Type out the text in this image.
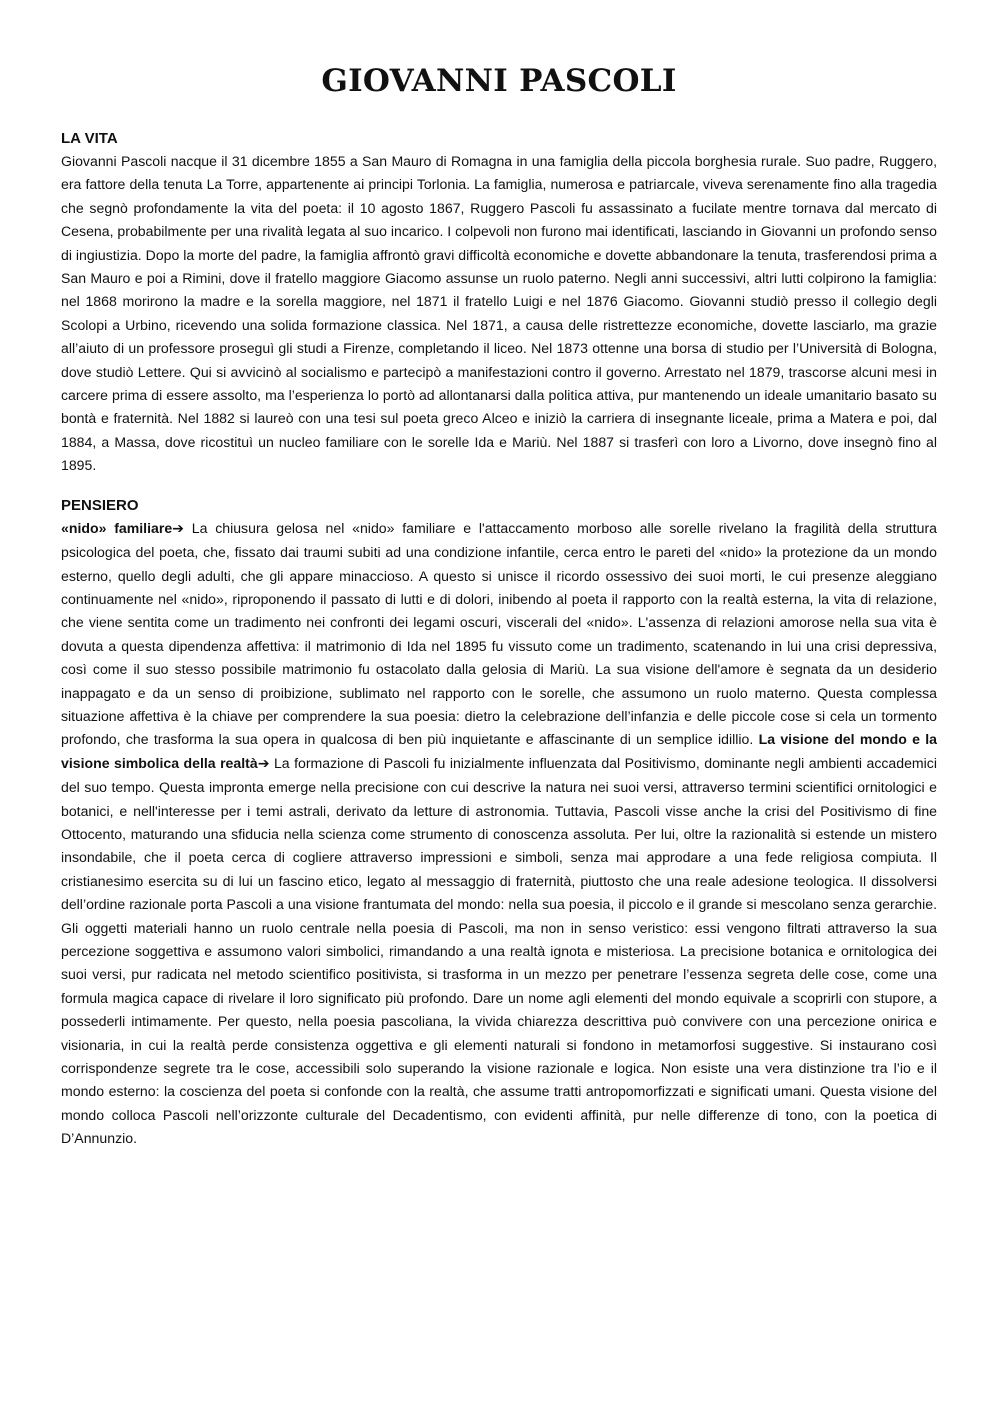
GIOVANNI PASCOLI
LA VITA

Giovanni Pascoli nacque il 31 dicembre 1855 a San Mauro di Romagna in una famiglia della piccola borghesia rurale. Suo padre, Ruggero, era fattore della tenuta La Torre, appartenente ai principi Torlonia. La famiglia, numerosa e patriarcale, viveva serenamente fino alla tragedia che segnò profondamente la vita del poeta: il 10 agosto 1867, Ruggero Pascoli fu assassinato a fucilate mentre tornava dal mercato di Cesena, probabilmente per una rivalità legata al suo incarico. I colpevoli non furono mai identificati, lasciando in Giovanni un profondo senso di ingiustizia. Dopo la morte del padre, la famiglia affrontò gravi difficoltà economiche e dovette abbandonare la tenuta, trasferendosi prima a San Mauro e poi a Rimini, dove il fratello maggiore Giacomo assunse un ruolo paterno. Negli anni successivi, altri lutti colpirono la famiglia: nel 1868 morirono la madre e la sorella maggiore, nel 1871 il fratello Luigi e nel 1876 Giacomo. Giovanni studiò presso il collegio degli Scolopi a Urbino, ricevendo una solida formazione classica. Nel 1871, a causa delle ristrettezze economiche, dovette lasciarlo, ma grazie all’aiuto di un professore proseguì gli studi a Firenze, completando il liceo. Nel 1873 ottenne una borsa di studio per l’Università di Bologna, dove studiò Lettere. Qui si avvicinò al socialismo e partecipò a manifestazioni contro il governo. Arrestato nel 1879, trascorse alcuni mesi in carcere prima di essere assolto, ma l’esperienza lo portò ad allontanarsi dalla politica attiva, pur mantenendo un ideale umanitario basato su bontà e fraternità. Nel 1882 si laureò con una tesi sul poeta greco Alceo e iniziò la carriera di insegnante liceale, prima a Matera e poi, dal 1884, a Massa, dove ricostituì un nucleo familiare con le sorelle Ida e Mariù. Nel 1887 si trasferì con loro a Livorno, dove insegnò fino al 1895.

PENSIERO

«nido» familiare➔ La chiusura gelosa nel «nido» familiare e l'attaccamento morboso alle sorelle rivelano la fragilità della struttura psicologica del poeta, che, fissato dai traumi subiti ad una condizione infantile, cerca entro le pareti del «nido» la protezione da un mondo esterno, quello degli adulti, che gli appare minaccioso. A questo si unisce il ricordo ossessivo dei suoi morti, le cui presenze aleggiano continuamente nel «nido», riproponendo il passato di lutti e di dolori, inibendo al poeta il rapporto con la realtà esterna, la vita di relazione, che viene sentita come un tradimento nei confronti dei legami oscuri, viscerali del «nido». L'assenza di relazioni amorose nella sua vita è dovuta a questa dipendenza affettiva: il matrimonio di Ida nel 1895 fu vissuto come un tradimento, scatenando in lui una crisi depressiva, così come il suo stesso possibile matrimonio fu ostacolato dalla gelosia di Mariù. La sua visione dell'amore è segnata da un desiderio inappagato e da un senso di proibizione, sublimato nel rapporto con le sorelle, che assumono un ruolo materno. Questa complessa situazione affettiva è la chiave per comprendere la sua poesia: dietro la celebrazione dell’infanzia e delle piccole cose si cela un tormento profondo, che trasforma la sua opera in qualcosa di ben più inquietante e affascinante di un semplice idillio. La visione del mondo e la visione simbolica della realtà➔ La formazione di Pascoli fu inizialmente influenzata dal Positivismo, dominante negli ambienti accademici del suo tempo. Questa impronta emerge nella precisione con cui descrive la natura nei suoi versi, attraverso termini scientifici ornitologici e botanici, e nell'interesse per i temi astrali, derivato da letture di astronomia. Tuttavia, Pascoli visse anche la crisi del Positivismo di fine Ottocento, maturando una sfiducia nella scienza come strumento di conoscenza assoluta. Per lui, oltre la razionalità si estende un mistero insondabile, che il poeta cerca di cogliere attraverso impressioni e simboli, senza mai approdare a una fede religiosa compiuta. Il cristianesimo esercita su di lui un fascino etico, legato al messaggio di fraternità, piuttosto che una reale adesione teologica. Il dissolversi dell’ordine razionale porta Pascoli a una visione frantumata del mondo: nella sua poesia, il piccolo e il grande si mescolano senza gerarchie. Gli oggetti materiali hanno un ruolo centrale nella poesia di Pascoli, ma non in senso veristico: essi vengono filtrati attraverso la sua percezione soggettiva e assumono valori simbolici, rimandando a una realtà ignota e misteriosa. La precisione botanica e ornitologica dei suoi versi, pur radicata nel metodo scientifico positivista, si trasforma in un mezzo per penetrare l’essenza segreta delle cose, come una formula magica capace di rivelare il loro significato più profondo. Dare un nome agli elementi del mondo equivale a scoprirli con stupore, a possederli intimamente. Per questo, nella poesia pascoliana, la vivida chiarezza descrittiva può convivere con una percezione onirica e visionaria, in cui la realtà perde consistenza oggettiva e gli elementi naturali si fondono in metamorfosi suggestive. Si instaurano così corrispondenze segrete tra le cose, accessibili solo superando la visione razionale e logica. Non esiste una vera distinzione tra l’io e il mondo esterno: la coscienza del poeta si confonde con la realtà, che assume tratti antropomorfizzati e significati umani. Questa visione del mondo colloca Pascoli nell’orizzonte culturale del Decadentismo, con evidenti affinità, pur nelle differenze di tono, con la poetica di D’Annunzio.
